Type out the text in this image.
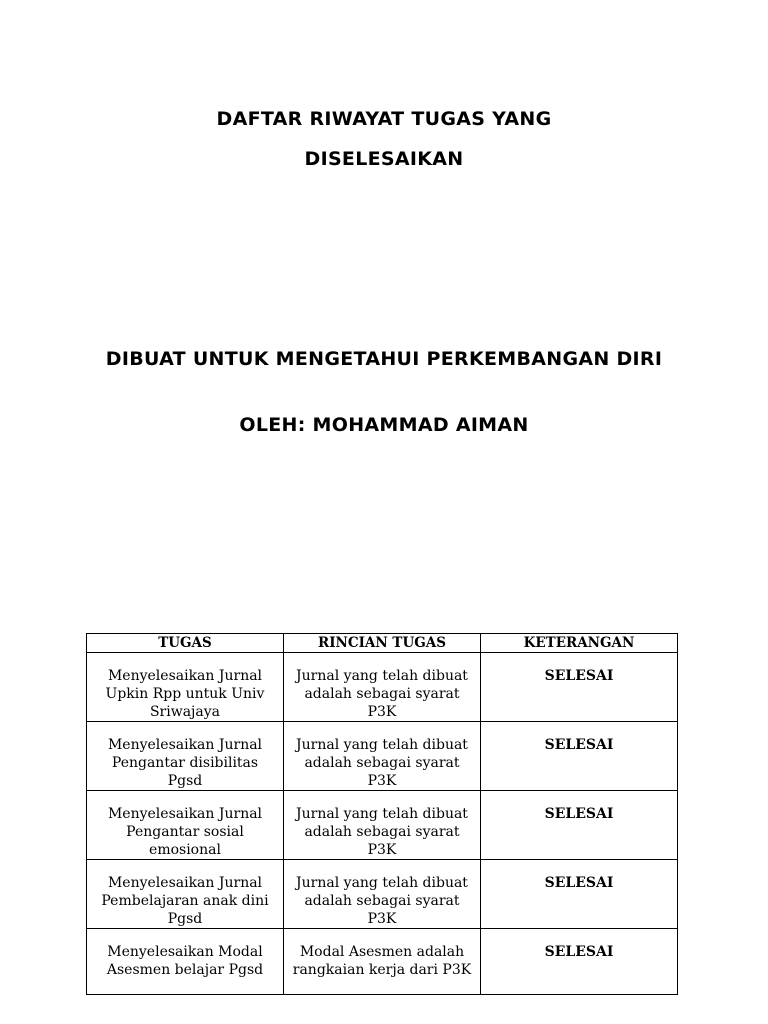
DAFTAR RIWAYAT TUGAS YANG
DISELESAIKAN
DIBUAT UNTUK MENGETAHUI PERKEMBANGAN DIRI
OLEH: MOHAMMAD AIMAN
TUGAS	RINCIAN TUGAS	KETERANGAN
Menyelesaikan Jurnal Upkin Rpp untuk Univ Sriwajaya	Jurnal yang telah dibuat adalah sebagai syarat P3K	SELESAI
Menyelesaikan Jurnal Pengantar disibilitas Pgsd	Jurnal yang telah dibuat adalah sebagai syarat P3K	SELESAI
Menyelesaikan Jurnal Pengantar sosial emosional	Jurnal yang telah dibuat adalah sebagai syarat P3K	SELESAI
Menyelesaikan Jurnal Pembelajaran anak dini Pgsd	Jurnal yang telah dibuat adalah sebagai syarat P3K	SELESAI
Menyelesaikan Modal Asesmen belajar Pgsd	Modal Asesmen adalah rangkaian kerja dari P3K	SELESAI
